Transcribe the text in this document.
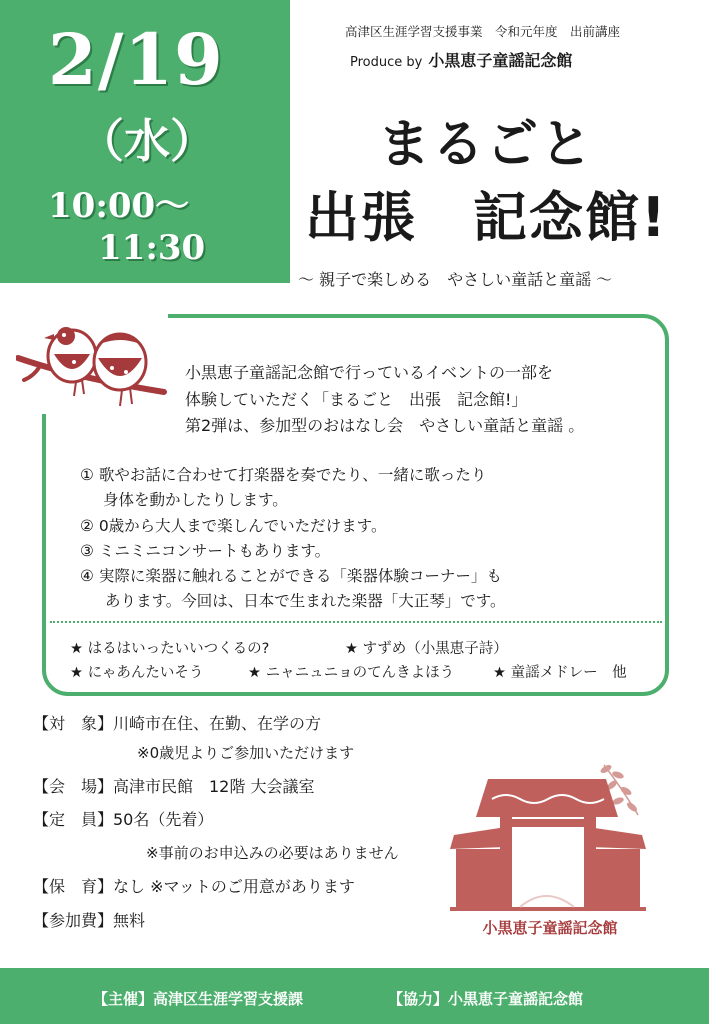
2/19
（水）
10:00～
11:30
高津区生涯学習支援事業　令和元年度　出前講座
Produce by 小黒恵子童謡記念館
まるごと
出張　記念館!
～ 親子で楽しめる　やさしい童話と童謡 ～
小黒恵子童謡記念館で行っているイベントの一部を
体験していただく「まるごと　出張　記念館!」
第2弾は、参加型のおはなし会　やさしい童話と童謡 。
① 歌やお話に合わせて打楽器を奏でたり、一緒に歌ったり
身体を動かしたりします。
② 0歳から大人まで楽しんでいただけます。
③ ミニミニコンサートもあります。
④ 実際に楽器に触れることができる「楽器体験コーナー」も
あります。今回は、日本で生まれた楽器「大正琴」です。
★ はるはいったいいつくるの?	★ すずめ（小黒恵子詩）
★ にゃあんたいそう	★ ニャニュニョのてんきよほう	★ 童謡メドレー　他
【対　象】川崎市在住、在勤、在学の方
※0歳児よりご参加いただけます
【会　場】高津市民館　12階 大会議室
【定　員】50名（先着）
※事前のお申込みの必要はありません
【保　育】なし ※マットのご用意があります
【参加費】無料	小黒恵子童謡記念館
【主催】高津区生涯学習支援課	【協力】小黒恵子童謡記念館
